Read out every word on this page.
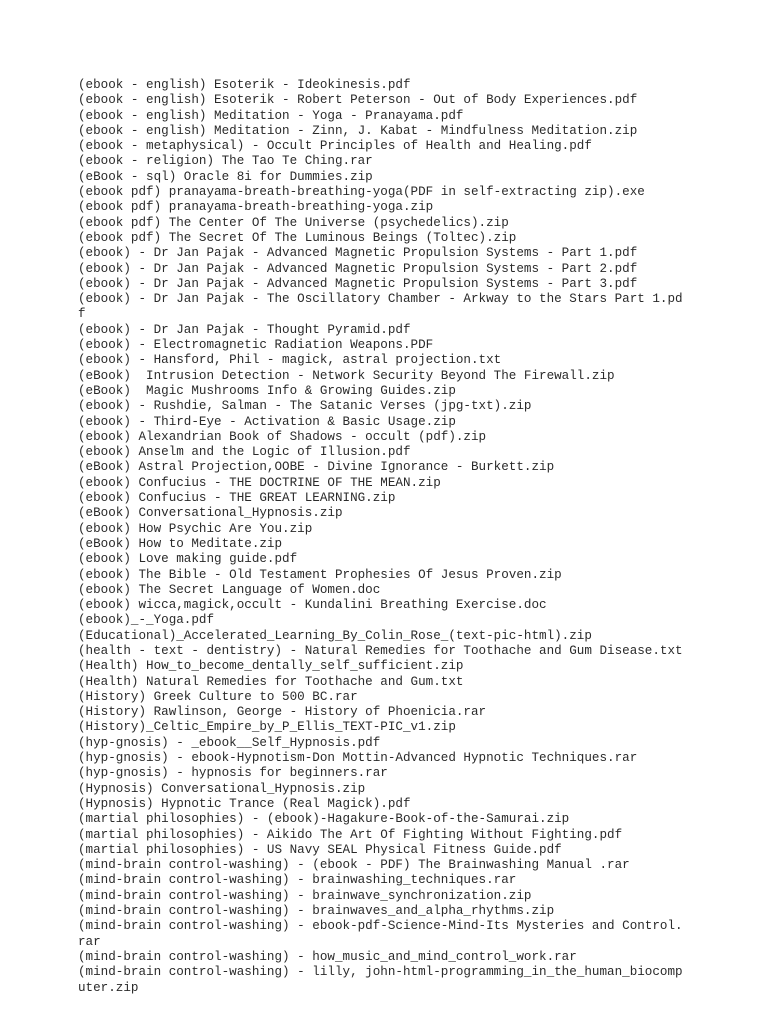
(ebook - english) Esoterik - Ideokinesis.pdf
(ebook - english) Esoterik - Robert Peterson - Out of Body Experiences.pdf
(ebook - english) Meditation - Yoga - Pranayama.pdf
(ebook - english) Meditation - Zinn, J. Kabat - Mindfulness Meditation.zip
(ebook - metaphysical) - Occult Principles of Health and Healing.pdf
(ebook - religion) The Tao Te Ching.rar
(eBook - sql) Oracle 8i for Dummies.zip
(ebook pdf) pranayama-breath-breathing-yoga(PDF in self-extracting zip).exe
(ebook pdf) pranayama-breath-breathing-yoga.zip
(ebook pdf) The Center Of The Universe (psychedelics).zip
(ebook pdf) The Secret Of The Luminous Beings (Toltec).zip
(ebook) - Dr Jan Pajak - Advanced Magnetic Propulsion Systems - Part 1.pdf
(ebook) - Dr Jan Pajak - Advanced Magnetic Propulsion Systems - Part 2.pdf
(ebook) - Dr Jan Pajak - Advanced Magnetic Propulsion Systems - Part 3.pdf
(ebook) - Dr Jan Pajak - The Oscillatory Chamber - Arkway to the Stars Part 1.pd
f
(ebook) - Dr Jan Pajak - Thought Pyramid.pdf
(ebook) - Electromagnetic Radiation Weapons.PDF
(ebook) - Hansford, Phil - magick, astral projection.txt
(eBook)  Intrusion Detection - Network Security Beyond The Firewall.zip
(eBook)  Magic Mushrooms Info & Growing Guides.zip
(ebook) - Rushdie, Salman - The Satanic Verses (jpg-txt).zip
(ebook) - Third-Eye - Activation & Basic Usage.zip
(ebook) Alexandrian Book of Shadows - occult (pdf).zip
(ebook) Anselm and the Logic of Illusion.pdf
(eBook) Astral Projection,OOBE - Divine Ignorance - Burkett.zip
(ebook) Confucius - THE DOCTRINE OF THE MEAN.zip
(ebook) Confucius - THE GREAT LEARNING.zip
(eBook) Conversational_Hypnosis.zip
(ebook) How Psychic Are You.zip
(eBook) How to Meditate.zip
(ebook) Love making guide.pdf
(ebook) The Bible - Old Testament Prophesies Of Jesus Proven.zip
(ebook) The Secret Language of Women.doc
(ebook) wicca,magick,occult - Kundalini Breathing Exercise.doc
(ebook)_-_Yoga.pdf
(Educational)_Accelerated_Learning_By_Colin_Rose_(text-pic-html).zip
(health - text - dentistry) - Natural Remedies for Toothache and Gum Disease.txt
(Health) How_to_become_dentally_self_sufficient.zip
(Health) Natural Remedies for Toothache and Gum.txt
(History) Greek Culture to 500 BC.rar
(History) Rawlinson, George - History of Phoenicia.rar
(History)_Celtic_Empire_by_P_Ellis_TEXT-PIC_v1.zip
(hyp-gnosis) - _ebook__Self_Hypnosis.pdf
(hyp-gnosis) - ebook-Hypnotism-Don Mottin-Advanced Hypnotic Techniques.rar
(hyp-gnosis) - hypnosis for beginners.rar
(Hypnosis) Conversational_Hypnosis.zip
(Hypnosis) Hypnotic Trance (Real Magick).pdf
(martial philosophies) - (ebook)-Hagakure-Book-of-the-Samurai.zip
(martial philosophies) - Aikido The Art Of Fighting Without Fighting.pdf
(martial philosophies) - US Navy SEAL Physical Fitness Guide.pdf
(mind-brain control-washing) - (ebook - PDF) The Brainwashing Manual .rar
(mind-brain control-washing) - brainwashing_techniques.rar
(mind-brain control-washing) - brainwave_synchronization.zip
(mind-brain control-washing) - brainwaves_and_alpha_rhythms.zip
(mind-brain control-washing) - ebook-pdf-Science-Mind-Its Mysteries and Control.
rar
(mind-brain control-washing) - how_music_and_mind_control_work.rar
(mind-brain control-washing) - lilly, john-html-programming_in_the_human_biocomp
uter.zip
